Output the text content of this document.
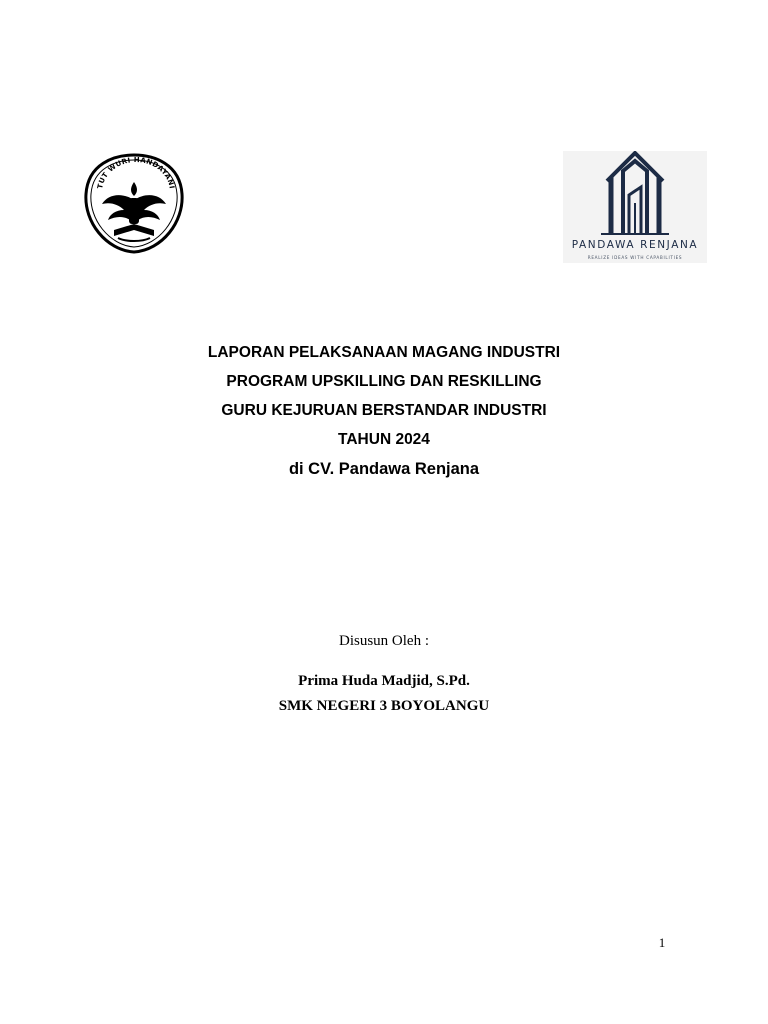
TUT WURI HANDAYANI
PANDAWA RENJANA
REALIZE IDEAS WITH CAPABILITIES
LAPORAN PELAKSANAAN MAGANG INDUSTRI
PROGRAM UPSKILLING DAN RESKILLING
GURU KEJURUAN BERSTANDAR INDUSTRI
TAHUN 2024
di CV. Pandawa Renjana
Disusun Oleh :
Prima Huda Madjid, S.Pd.
SMK NEGERI 3 BOYOLANGU
1
